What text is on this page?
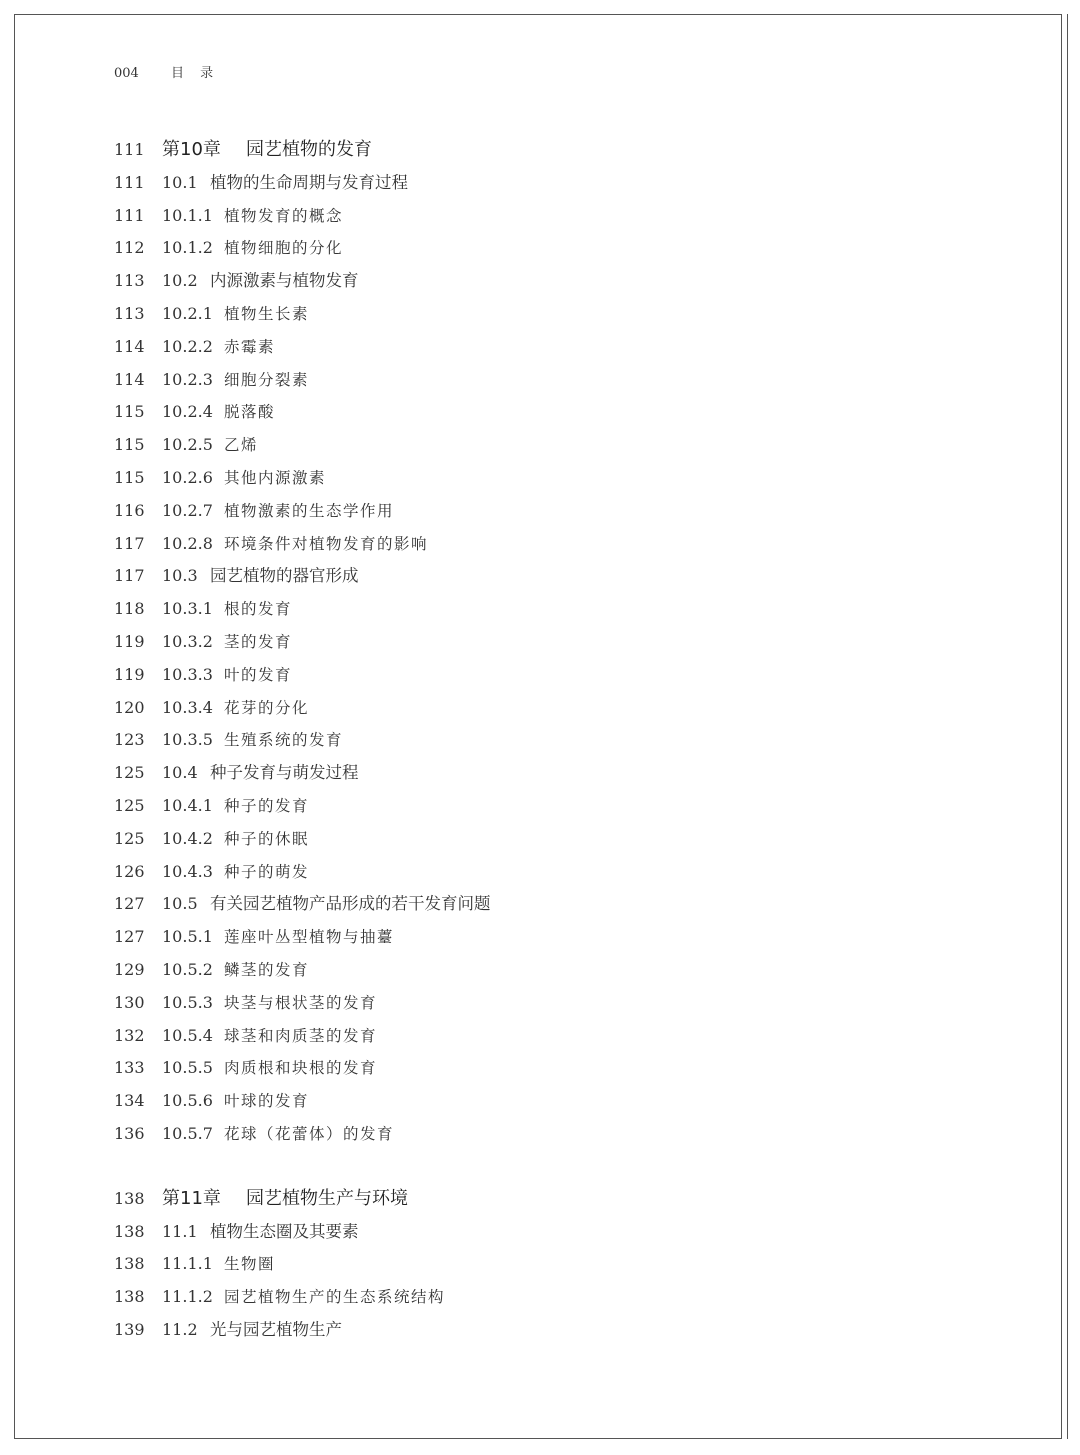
004 目 录
111 第10章 园艺植物的发育
111	10.1 植物的生命周期与发育过程
111	10.1.1 植物发育的概念
112	10.1.2 植物细胞的分化
113	10.2 内源激素与植物发育
113	10.2.1 植物生长素
114	10.2.2 赤霉素
114	10.2.3 细胞分裂素
115	10.2.4 脱落酸
115	10.2.5 乙烯
115	10.2.6 其他内源激素
116	10.2.7 植物激素的生态学作用
117	10.2.8 环境条件对植物发育的影响
117	10.3 园艺植物的器官形成
118	10.3.1 根的发育
119	10.3.2 茎的发育
119	10.3.3 叶的发育
120	10.3.4 花芽的分化
123	10.3.5 生殖系统的发育
125	10.4 种子发育与萌发过程
125	10.4.1 种子的发育
125	10.4.2 种子的休眠
126	10.4.3 种子的萌发
127	10.5 有关园艺植物产品形成的若干发育问题
127	10.5.1 莲座叶丛型植物与抽薹
129	10.5.2 鳞茎的发育
130	10.5.3 块茎与根状茎的发育
132	10.5.4 球茎和肉质茎的发育
133	10.5.5 肉质根和块根的发育
134	10.5.6 叶球的发育
136	10.5.7 花球（花蕾体）的发育
138 第11章 园艺植物生产与环境
138	11.1 植物生态圈及其要素
138	11.1.1 生物圈
138	11.1.2 园艺植物生产的生态系统结构
139	11.2 光与园艺植物生产
